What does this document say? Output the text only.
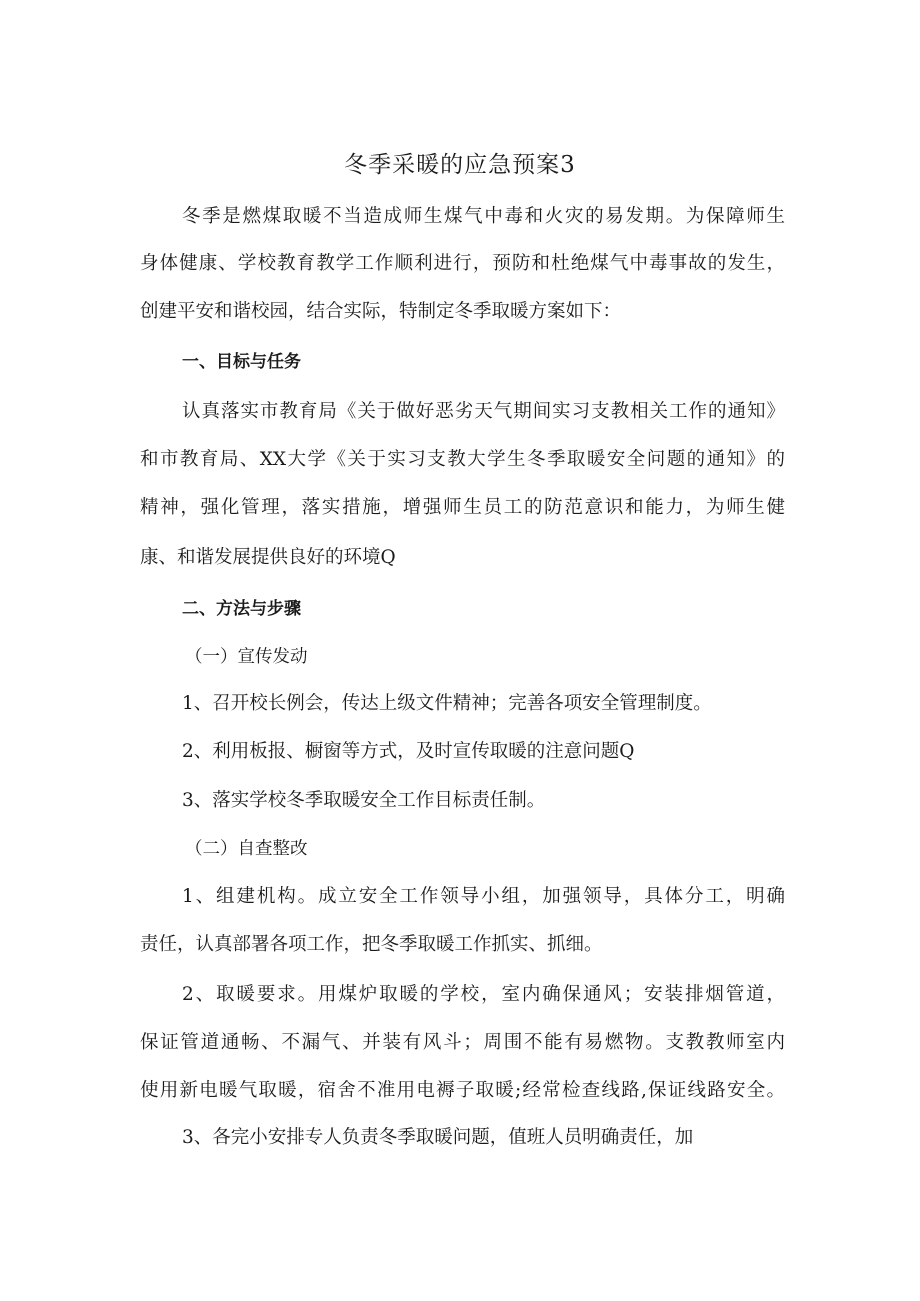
冬季采暖的应急预案3
冬季是燃煤取暖不当造成师生煤气中毒和火灾的易发期。为保障师生
身体健康、学校教育教学工作顺利进行，预防和杜绝煤气中毒事故的发生，
创建平安和谐校园，结合实际，特制定冬季取暖方案如下：
一、目标与任务
认真落实市教育局《关于做好恶劣天气期间实习支教相关工作的通知》
和市教育局、XX大学《关于实习支教大学生冬季取暖安全问题的通知》的
精神，强化管理，落实措施，增强师生员工的防范意识和能力，为师生健
康、和谐发展提供良好的环境Q
二、方法与步骤
（一）宣传发动
1、召开校长例会，传达上级文件精神；完善各项安全管理制度。
2、利用板报、橱窗等方式，及时宣传取暖的注意问题Q
3、落实学校冬季取暖安全工作目标责任制。
（二）自查整改
1、组建机构。成立安全工作领导小组，加强领导，具体分工，明确
责任，认真部署各项工作，把冬季取暖工作抓实、抓细。
2、取暖要求。用煤炉取暖的学校，室内确保通风；安装排烟管道，
保证管道通畅、不漏气、并装有风斗；周围不能有易燃物。支教教师室内
使用新电暖气取暖，宿舍不准用电褥子取暖;经常检查线路,保证线路安全。
3、各完小安排专人负责冬季取暖问题，值班人员明确责任，加
